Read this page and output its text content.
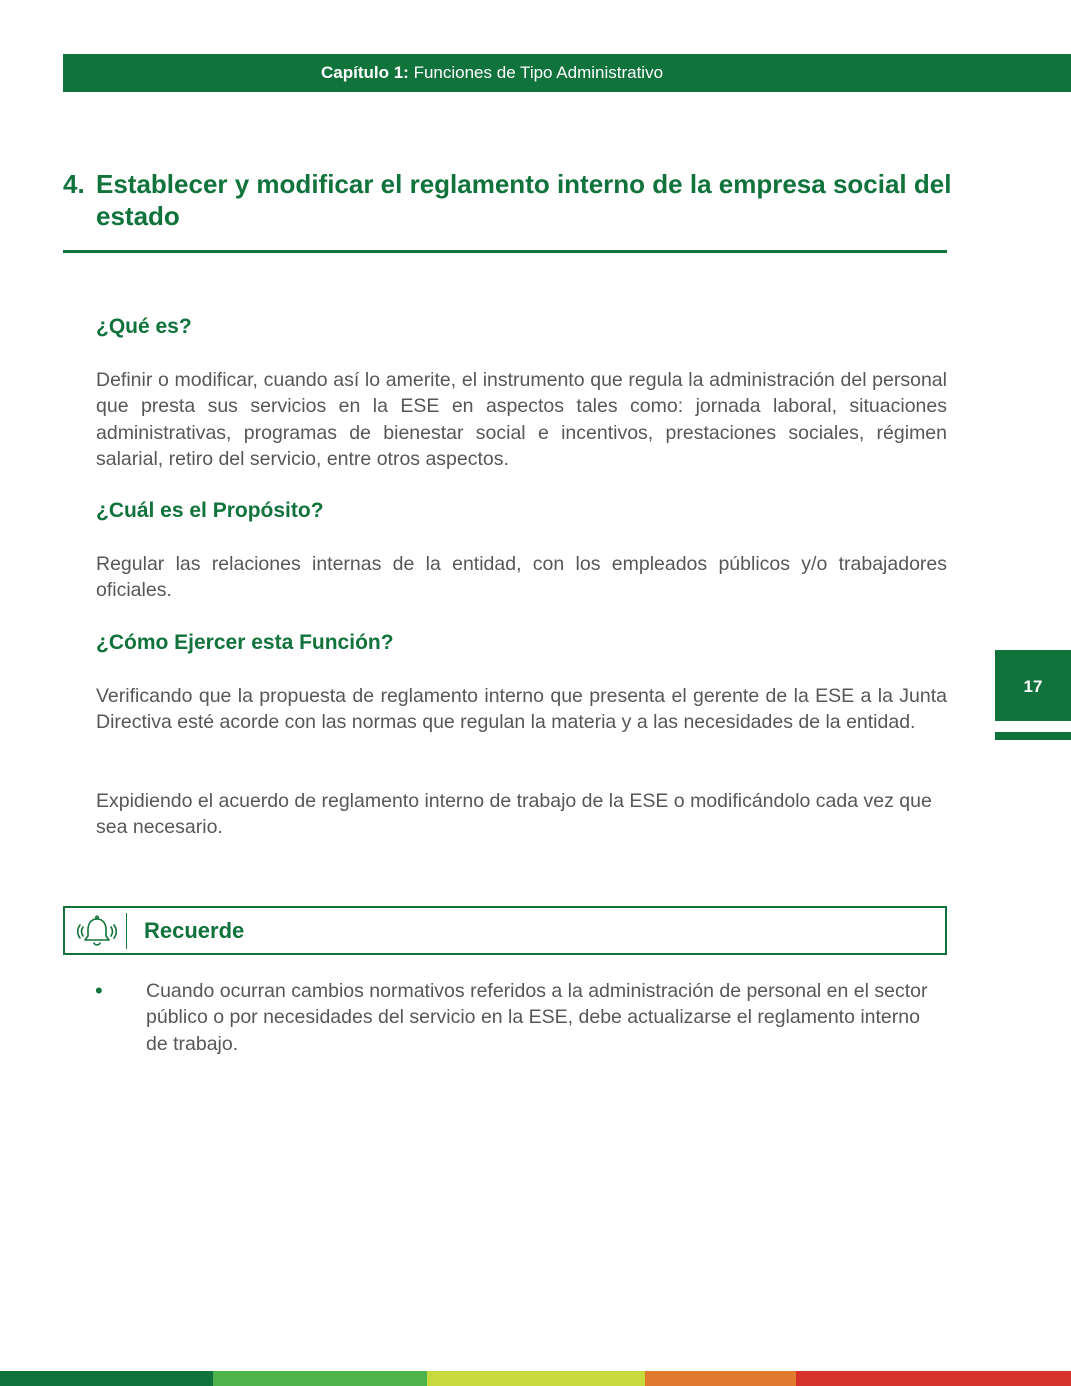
Capítulo 1: Funciones de Tipo Administrativo
4. Establecer y modificar el reglamento interno de la empresa social del estado
¿Qué es?
Definir o modificar, cuando así lo amerite, el instrumento que regula la administración del personal que presta sus servicios en la ESE en aspectos tales como: jornada laboral, situaciones administrativas, programas de bienestar social e incentivos, prestaciones sociales, régimen salarial, retiro del servicio, entre otros aspectos.
¿Cuál es el Propósito?
Regular las relaciones internas de la entidad, con los empleados públicos y/o trabajadores oficiales.
¿Cómo Ejercer esta Función?
Verificando que la propuesta de reglamento interno que presenta el gerente de la ESE a la Junta Directiva esté acorde con las normas que regulan la materia y a las necesidades de la entidad.
Expidiendo el acuerdo de reglamento interno de trabajo de la ESE o modificándolo cada vez que sea necesario.
17
Recuerde
• Cuando ocurran cambios normativos referidos a la administración de personal en el sector público o por necesidades del servicio en la ESE, debe actualizarse el reglamento interno de trabajo.
